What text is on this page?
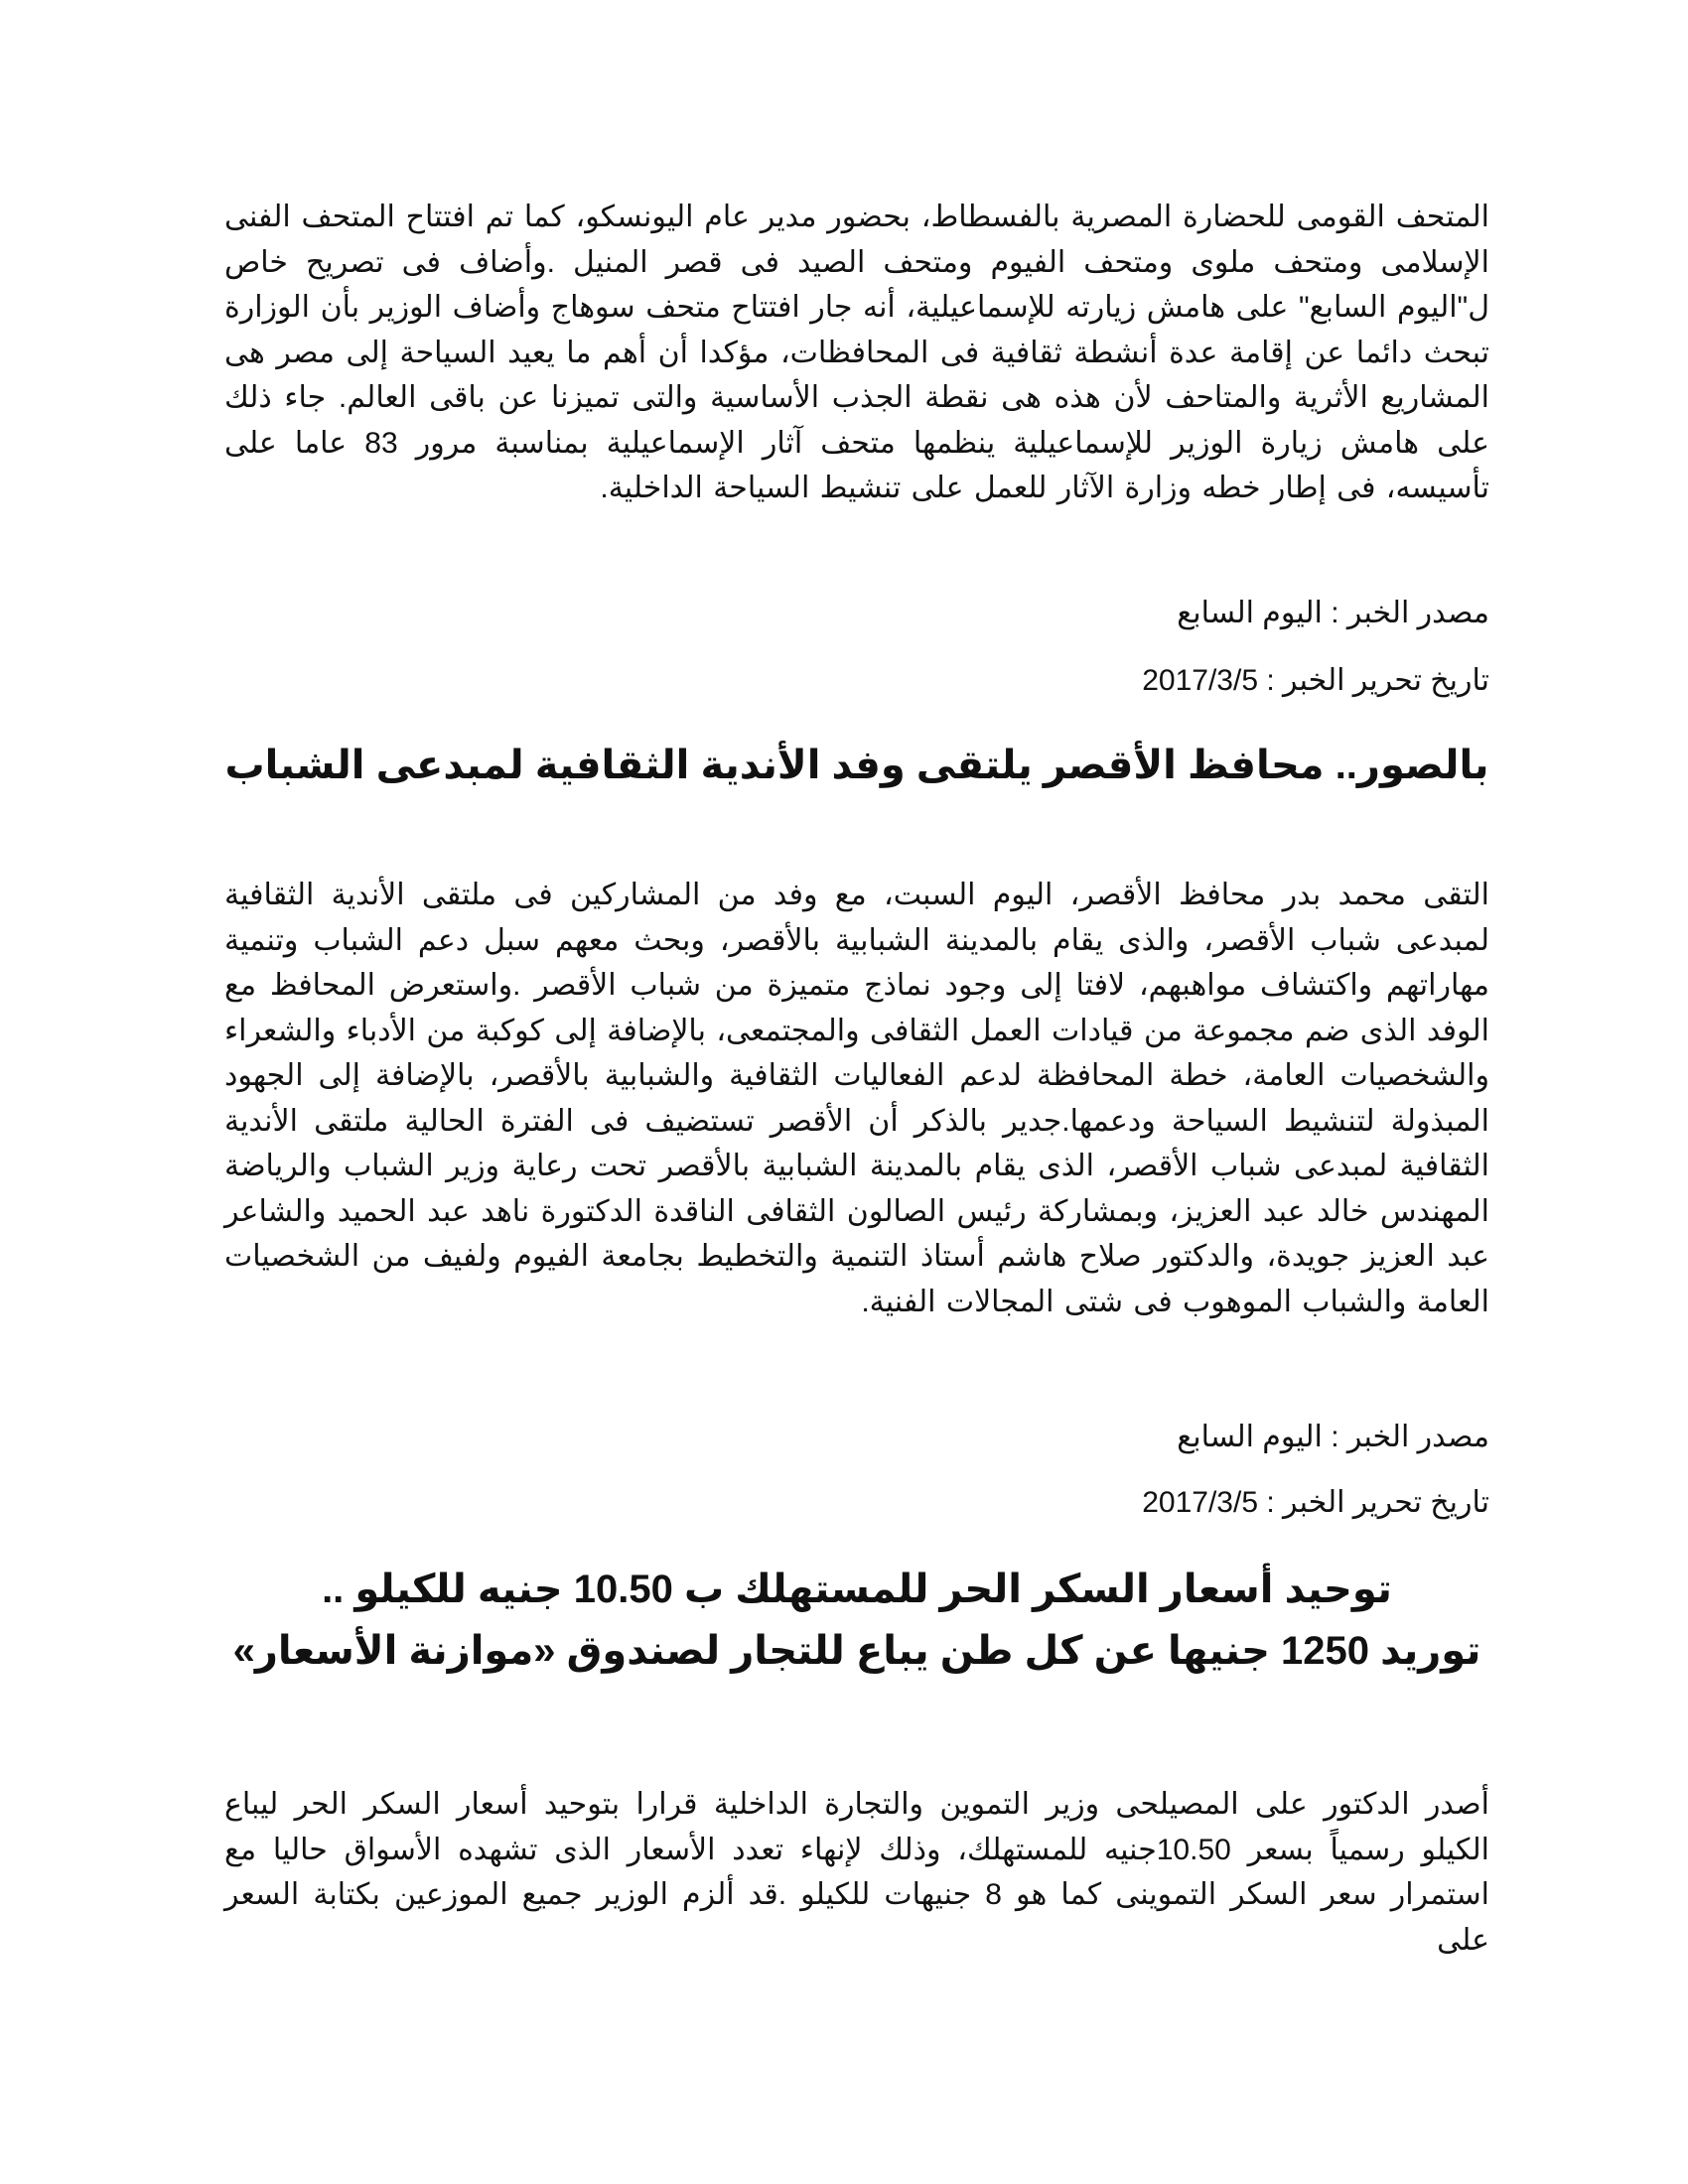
المتحف القومى للحضارة المصرية بالفسطاط، بحضور مدير عام اليونسكو، كما تم افتتاح المتحف الفنى الإسلامى ومتحف ملوى ومتحف الفيوم ومتحف الصيد فى قصر المنيل .وأضاف فى تصريح خاص ل"اليوم السابع" على هامش زيارته للإسماعيلية، أنه جار افتتاح متحف سوهاج وأضاف الوزير بأن الوزارة تبحث دائما عن إقامة عدة أنشطة ثقافية فى المحافظات، مؤكدا أن أهم ما يعيد السياحة إلى مصر هى المشاريع الأثرية والمتاحف لأن هذه هى نقطة الجذب الأساسية والتى تميزنا عن باقى العالم. جاء ذلك على هامش زيارة الوزير للإسماعيلية ينظمها متحف آثار الإسماعيلية بمناسبة مرور 83 عاما على تأسيسه، فى إطار خطه وزارة الآثار للعمل على تنشيط السياحة الداخلية.

مصدر الخبر : اليوم السابع

تاريخ تحرير الخبر : 2017/3/5

بالصور.. محافظ الأقصر يلتقى وفد الأندية الثقافية لمبدعى الشباب

التقى محمد بدر محافظ الأقصر، اليوم السبت، مع وفد من المشاركين فى ملتقى الأندية الثقافية لمبدعى شباب الأقصر، والذى يقام بالمدينة الشبابية بالأقصر، وبحث معهم سبل دعم الشباب وتنمية مهاراتهم واكتشاف مواهبهم، لافتا إلى وجود نماذج متميزة من شباب الأقصر .واستعرض المحافظ مع الوفد الذى ضم مجموعة من قيادات العمل الثقافى والمجتمعى، بالإضافة إلى كوكبة من الأدباء والشعراء والشخصيات العامة، خطة المحافظة لدعم الفعاليات الثقافية والشبابية بالأقصر، بالإضافة إلى الجهود المبذولة لتنشيط السياحة ودعمها.جدير بالذكر أن الأقصر تستضيف فى الفترة الحالية ملتقى الأندية الثقافية لمبدعى شباب الأقصر، الذى يقام بالمدينة الشبابية بالأقصر تحت رعاية وزير الشباب والرياضة المهندس خالد عبد العزيز، وبمشاركة رئيس الصالون الثقافى الناقدة الدكتورة ناهد عبد الحميد والشاعر عبد العزيز جويدة، والدكتور صلاح هاشم أستاذ التنمية والتخطيط بجامعة الفيوم ولفيف من الشخصيات العامة والشباب الموهوب فى شتى المجالات الفنية.

مصدر الخبر : اليوم السابع

تاريخ تحرير الخبر : 2017/3/5

توحيد أسعار السكر الحر للمستهلك ب 10.50 جنيه للكيلو ..
توريد 1250 جنيها عن كل طن يباع للتجار لصندوق «موازنة الأسعار»

أصدر الدكتور على المصيلحى وزير التموين والتجارة الداخلية قرارا بتوحيد أسعار السكر الحر ليباع الكيلو رسمياً بسعر 10.50جنيه للمستهلك، وذلك لإنهاء تعدد الأسعار الذى تشهده الأسواق حاليا مع استمرار سعر السكر التموينى كما هو 8 جنيهات للكيلو .قد ألزم الوزير جميع الموزعين بكتابة السعر على
